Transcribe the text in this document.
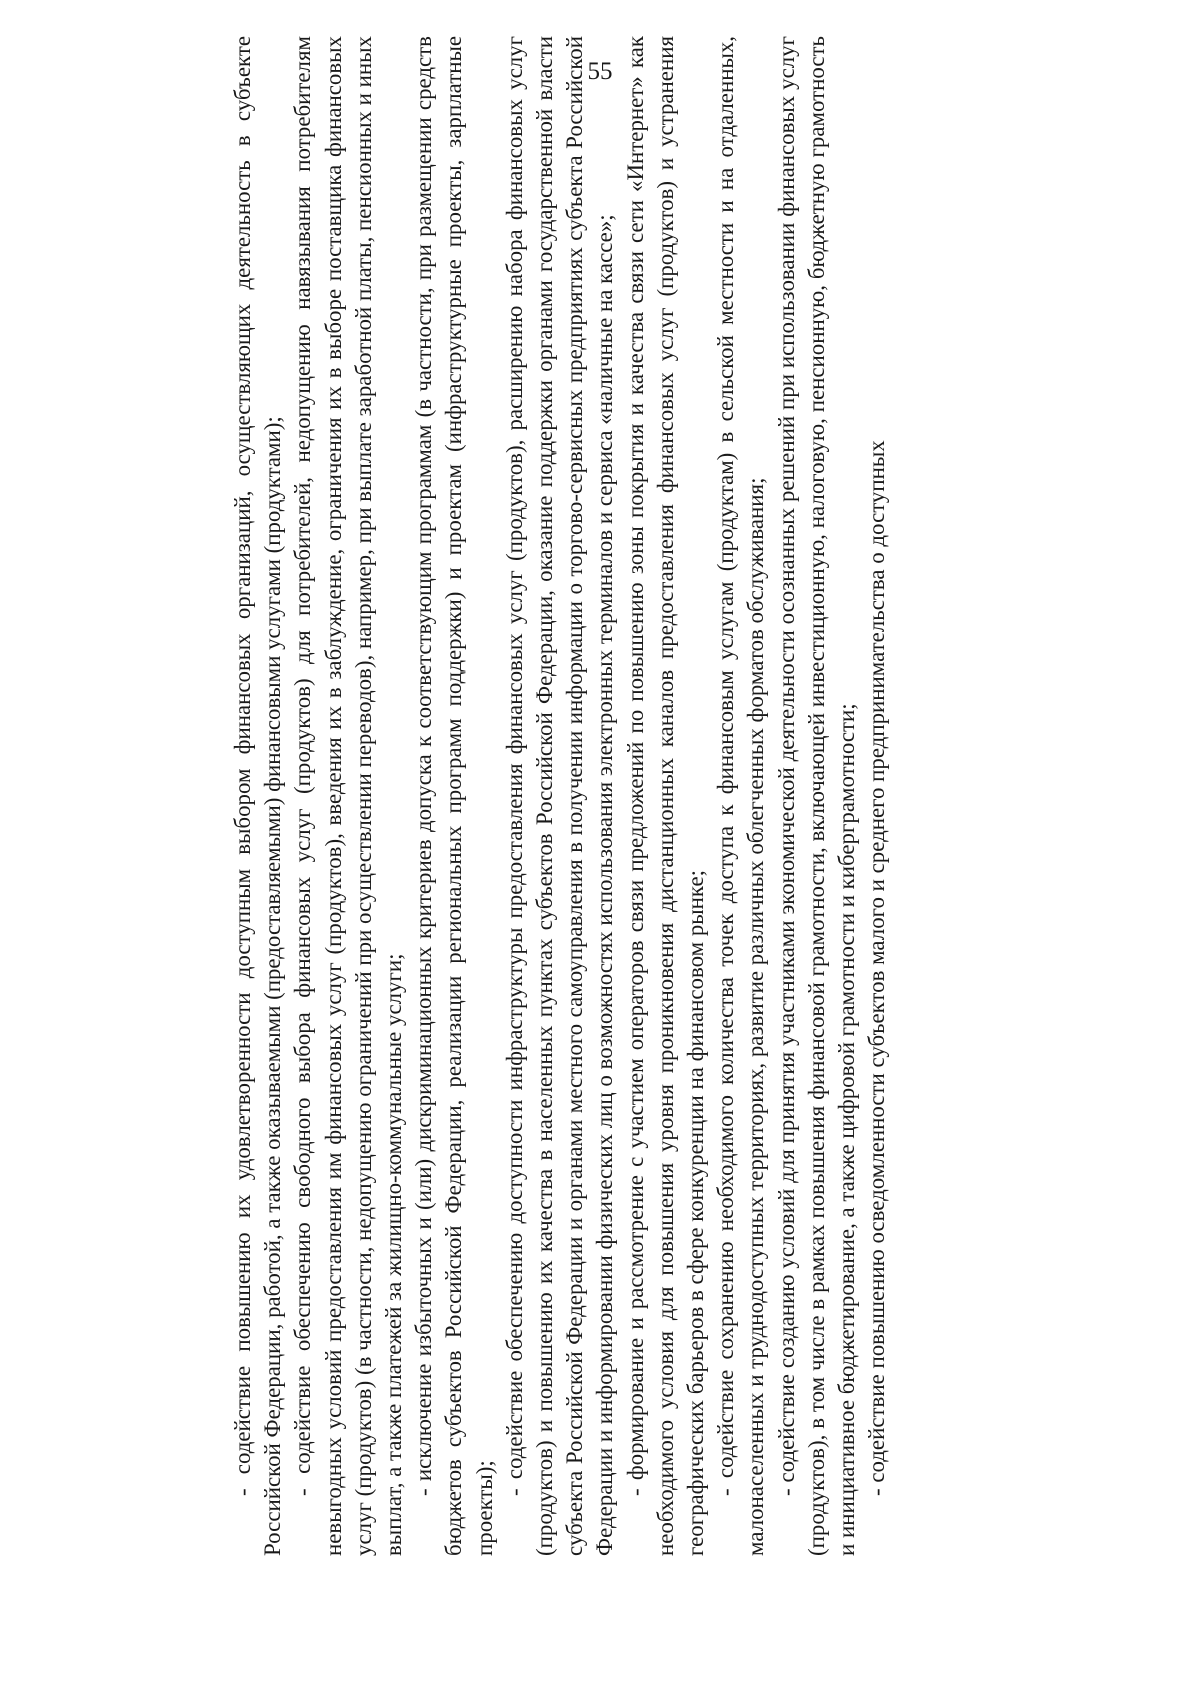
55

- содействие повышению их удовлетворенности доступным выбором финансовых организаций, осуществляющих деятельность в субъекте Российской Федерации, работой, а также оказываемыми (предоставляемыми) финансовыми услугами (продуктами); - содействие обеспечению свободного выбора финансовых услуг (продуктов) для потребителей, недопущению навязывания потребителям невыгодных условий предоставления им финансовых услуг (продуктов), введения их в заблуждение, ограничения их в выборе поставщика финансовых услуг (продуктов) (в частности, недопущению ограничений при осуществлении переводов), например, при выплате заработной платы, пенсионных и иных выплат, а также платежей за жилищно-коммунальные услуги; - исключение избыточных и (или) дискриминационных критериев допуска к соответствующим программам (в частности, при размещении средств бюджетов субъектов Российской Федерации, реализации региональных программ поддержки) и проектам (инфраструктурные проекты, зарплатные проекты);

- содействие обеспечению доступности инфраструктуры предоставления финансовых услуг (продуктов), расширению набора финансовых услуг (продуктов) и повышению их качества в населенных пунктах субъектов Российской Федерации, оказание поддержки органами государственной власти субъекта Российской Федерации и органами местного самоуправления в получении информации о торгово-сервисных предприятиях субъекта Российской Федерации и информировании физических лиц о возможностях использования электронных терминалов и сервиса «наличные на кассе»; - формирование и рассмотрение с участием операторов связи предложений по повышению зоны покрытия и качества связи сети «Интернет» как необходимого условия для повышения уровня проникновения дистанционных каналов предоставления финансовых услуг (продуктов) и устранения географических барьеров в сфере конкуренции на финансовом рынке; - содействие сохранению необходимого количества точек доступа к финансовым услугам (продуктам) в сельской местности и на отдаленных, малонаселенных и труднодоступных территориях, развитие различных облегченных форматов обслуживания; - содействие созданию условий для принятия участниками экономической деятельности осознанных решений при использовании финансовых услуг (продуктов), в том числе в рамках повышения финансовой грамотности, включающей инвестиционную, налоговую, пенсионную, бюджетную грамотность и инициативное бюджетирование, а также цифровой грамотности и киберграмотности; - содействие повышению осведомленности субъектов малого и среднего предпринимательства о доступных
